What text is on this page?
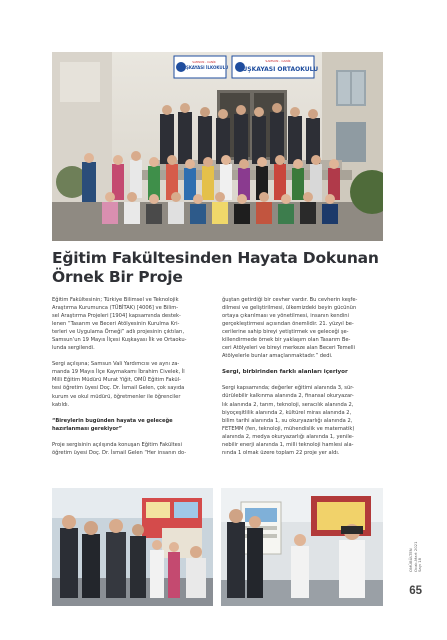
SAMSUN - CANİK
KUŞKAYASI İLKOKULU
SAMSUN - CANİK
KUŞKAYASI ORTAOKULU
Eğitim Fakültesinden Hayata Dokunan
Örnek Bir Proje
Eğitim Fakültesinin; Türkiye Bilimsel ve Teknolojik
Araştırma Kurumunca (TÜBİTAK) [4006] ve Bilim-
sel Araştırma Projeleri [1904] kapsamında destek-
lenen “Tasarım ve Beceri Atölyesinin Kurulma Kri-
terleri ve Uygulama Örneği” adlı projesinin çıktıları,
Samsun’un 19 Mayıs İlçesi Kuşkayası İlk ve Ortaoku-
lunda sergilendi.
Sergi açılışına; Samsun Vali Yardımcısı ve aynı za-
manda 19 Mayıs İlçe Kaymakamı İbrahim Civelek, İl
Milli Eğitim Müdürü Murat Yiğit, OMÜ Eğitim Fakül-
tesi öğretim üyesi Doç. Dr. İsmail Gelen, çok sayıda
kurum ve okul müdürü, öğretmenler ile öğrenciler
katıldı.
“Bireylerin bugünden hayata ve geleceğe
hazırlanması gerekiyor”
Proje sergisinin açılışında konuşan Eğitim Fakültesi
öğretim üyesi Doç. Dr. İsmail Gelen “Her insanın do-
ğuştan getirdiği bir cevher vardır. Bu cevherin keşfe-
dilmesi ve geliştirilmesi, ülkemizdeki beyin gücünün
ortaya çıkarılması ve yönetilmesi, insanın kendini
gerçekleştirmesi açısından önemlidir. 21. yüzyıl be-
cerilerine sahip bireyi yetiştirmek ve geleceği şe-
killendirmede örnek bir yaklaşım olan Tasarım Be-
ceri Atölyeleri ve bireyi merkeze alan Beceri Temelli
Atölyelerle bunlar amaçlanmaktadır.” dedi.
Sergi, birbirinden farklı alanları içeriyor
Sergi kapsamında; değerler eğitimi alanında 3, sür-
dürülebilir kalkınma alanında 2, finansal okuryazar-
lık alanında 2, tarım, teknoloji, seracılık alanında 2,
biyoçeşitlilik alanında 2, kültürel miras alanında 2,
bilim tarihi alanında 1, su okuryazarlığı alanında 2,
FETEMM (fen, teknoloji, mühendislik ve matematik)
alanında 2, medya okuryazarlığı alanında 1, yenile-
nebilir enerji alanında 1, milli teknoloji hamlesi ala-
nında 1 olmak üzere toplam 22 proje yer aldı.
OMÜBÜLTEN
Ocak-Mart 2021
Sayı 18
65
